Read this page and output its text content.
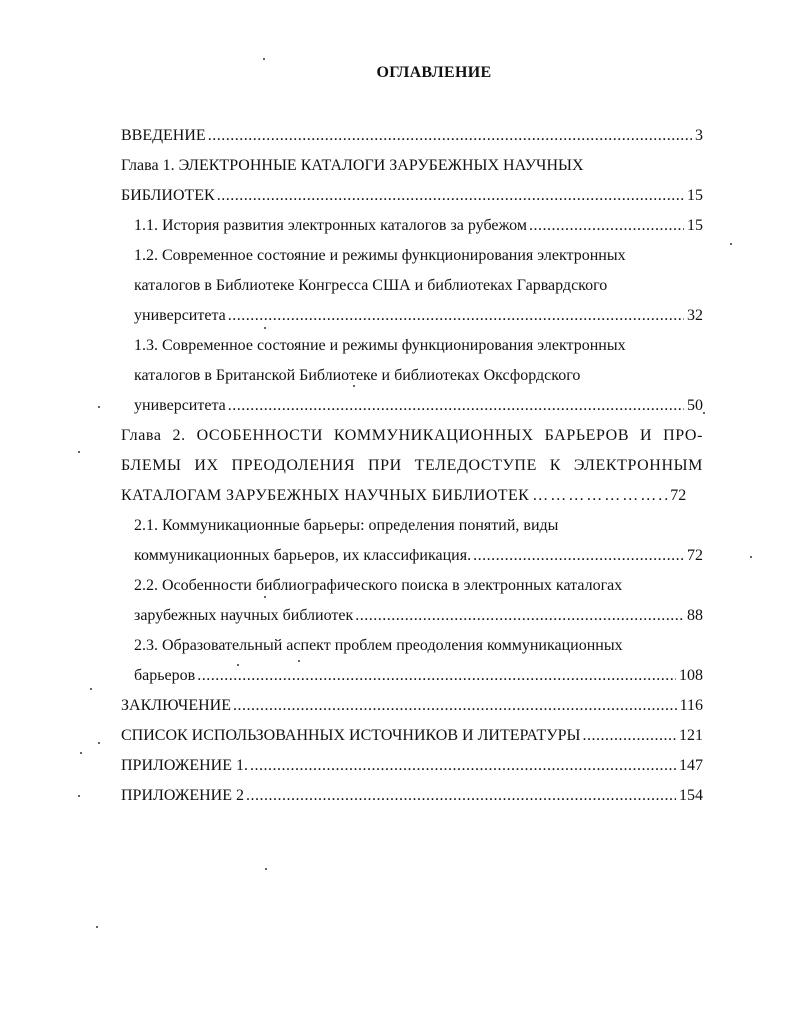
ОГЛАВЛЕНИЕ
ВВЕДЕНИЕ .....	3
Глава 1. ЭЛЕКТРОННЫЕ КАТАЛОГИ ЗАРУБЕЖНЫХ НАУЧНЫХ
БИБЛИОТЕК .....	15
1.1. История развития электронных каталогов за рубежом .....	15
1.2. Современное состояние и режимы функционирования электронных
каталогов в Библиотеке Конгресса США и библиотеках Гарвардского
университета .....	32
1.3. Современное состояние и режимы функционирования электронных
каталогов в Британской Библиотеке и библиотеках Оксфордского
университета .....	50
Глава 2. ОСОБЕННОСТИ КОММУНИКАЦИОННЫХ БАРЬЕРОВ И ПРО-
БЛЕМЫ ИХ ПРЕОДОЛЕНИЯ ПРИ ТЕЛЕДОСТУПЕ К ЭЛЕКТРОННЫМ
КАТАЛОГАМ ЗАРУБЕЖНЫХ НАУЧНЫХ БИБЛИОТЕК ………………….. 72
2.1. Коммуникационные барьеры: определения понятий, виды
коммуникационных барьеров, их классификация. .....	72
2.2. Особенности библиографического поиска в электронных каталогах
зарубежных научных библиотек .....	88
2.3. Образовательный аспект проблем преодоления коммуникационных
барьеров .....	108
ЗАКЛЮЧЕНИЕ .....	116
СПИСОК ИСПОЛЬЗОВАННЫХ ИСТОЧНИКОВ И ЛИТЕРАТУРЫ .....	121
ПРИЛОЖЕНИЕ 1. .....	147
ПРИЛОЖЕНИЕ 2 .....	154
